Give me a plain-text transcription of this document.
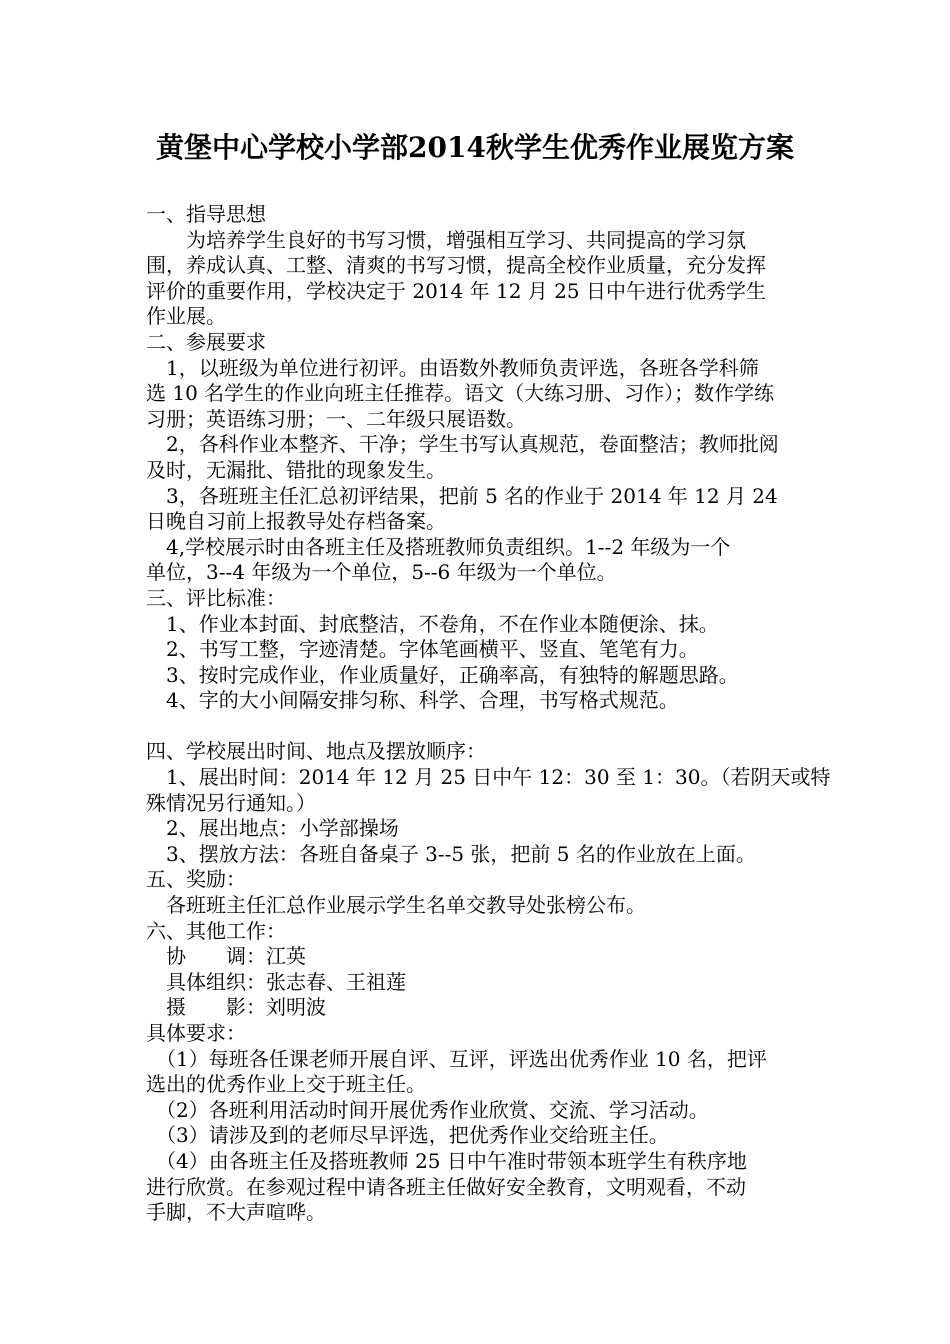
黄堡中心学校小学部2014秋学生优秀作业展览方案
一、指导思想
　　为培养学生良好的书写习惯，增强相互学习、共同提高的学习氛
围，养成认真、工整、清爽的书写习惯，提高全校作业质量，充分发挥
评价的重要作用，学校决定于 2014 年 12 月 25 日中午进行优秀学生
作业展。
二、参展要求
　1，以班级为单位进行初评。由语数外教师负责评选，各班各学科筛
选 10 名学生的作业向班主任推荐。语文（大练习册、习作）；数作学练
习册；英语练习册；一、二年级只展语数。
　2，各科作业本整齐、干净；学生书写认真规范，卷面整洁；教师批阅
及时，无漏批、错批的现象发生。
　3，各班班主任汇总初评结果，把前 5 名的作业于 2014 年 12 月 24
日晚自习前上报教导处存档备案。
　4,学校展示时由各班主任及搭班教师负责组织。1--2 年级为一个
单位，3--4 年级为一个单位，5--6 年级为一个单位。
三、评比标准：
　1、作业本封面、封底整洁，不卷角，不在作业本随便涂、抹。
　2、书写工整，字迹清楚。字体笔画横平、竖直、笔笔有力。
　3、按时完成作业，作业质量好，正确率高，有独特的解题思路。
　4、字的大小间隔安排匀称、科学、合理，书写格式规范。
四、学校展出时间、地点及摆放顺序：
　1、展出时间：2014 年 12 月 25 日中午 12：30 至 1：30。（若阴天或特
殊情况另行通知。）
　2、展出地点：小学部操场
　3、摆放方法：各班自备桌子 3--5 张，把前 5 名的作业放在上面。
五、奖励：
　各班班主任汇总作业展示学生名单交教导处张榜公布。
六、其他工作：
　协　　调：江英
　具体组织：张志春、王祖莲
　摄　　影：刘明波
具体要求：
　（1）每班各任课老师开展自评、互评，评选出优秀作业 10 名，把评
选出的优秀作业上交于班主任。
　（2）各班利用活动时间开展优秀作业欣赏、交流、学习活动。
　（3）请涉及到的老师尽早评选，把优秀作业交给班主任。
　（4）由各班主任及搭班教师 25 日中午准时带领本班学生有秩序地
进行欣赏。在参观过程中请各班主任做好安全教育，文明观看，不动
手脚，不大声喧哗。
